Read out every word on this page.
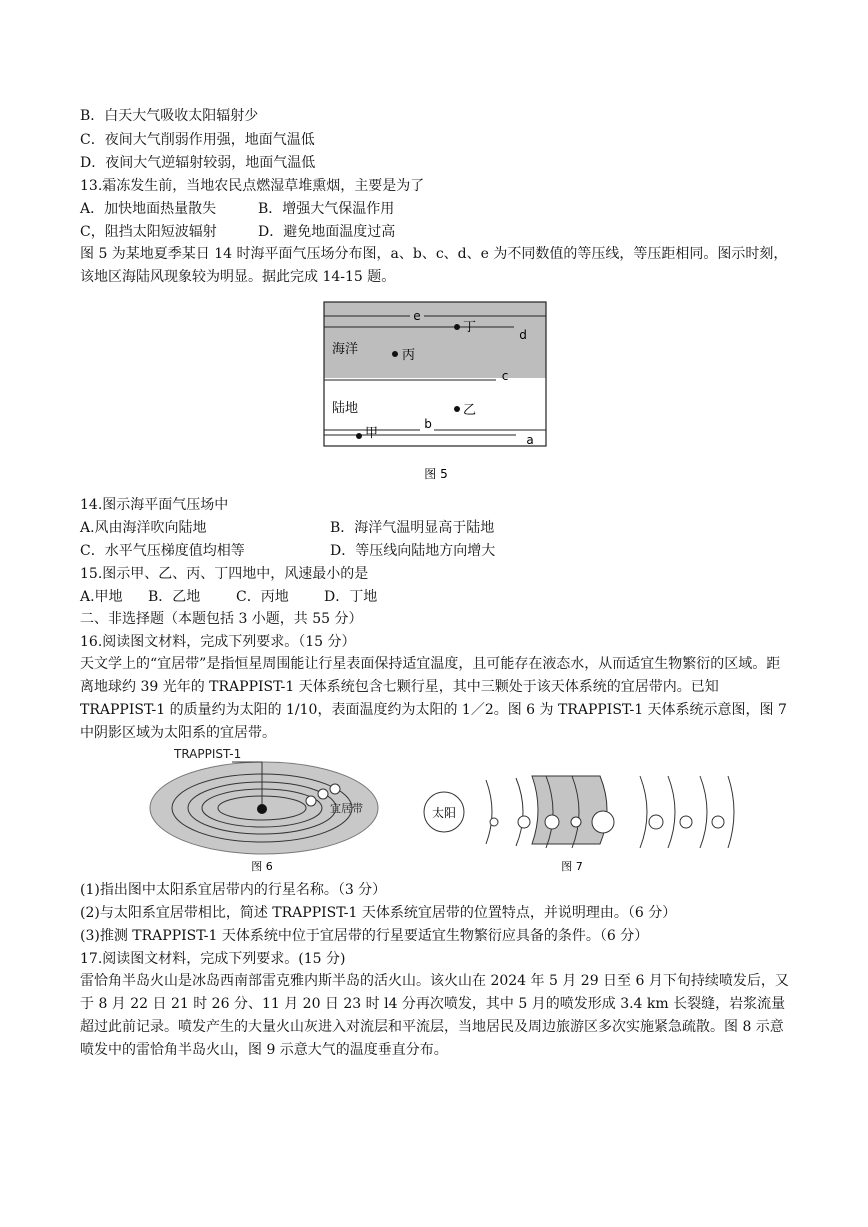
B．白天大气吸收太阳辐射少
C．夜间大气削弱作用强，地面气温低
D．夜间大气逆辐射较弱，地面气温低
13.霜冻发生前，当地农民点燃湿草堆熏烟，主要是为了
A．加快地面热量散失	B．增强大气保温作用
C，阻挡太阳短波辐射	D．避免地面温度过高
图 5 为某地夏季某日 14 时海平面气压场分布图，a、b、c、d、e 为不同数值的等压线，等压距相同。图示时刻，该地区海陆风现象较为明显。据此完成 14-15 题。
e
d
c
b
a
海洋
陆地
丁
丙
乙
甲
图 5
14.图示海平面气压场中
A.风由海洋吹向陆地	B．海洋气温明显高于陆地
C．水平气压梯度值均相等	D．等压线向陆地方向增大
15.图示甲、乙、丙、丁四地中，风速最小的是
A.甲地 B．乙地	C．丙地	D．丁地
二、非选择题（本题包括 3 小题，共 55 分）
16.阅读图文材料，完成下列要求。（15 分）
天文学上的“宜居带”是指恒星周围能让行星表面保持适宜温度，且可能存在液态水，从而适宜生物繁衍的区域。距离地球约 39 光年的 TRAPPIST-1 天体系统包含七颗行星，其中三颗处于该天体系统的宜居带内。已知 TRAPPIST-1 的质量约为太阳的 1/10，表面温度约为太阳的 1／2。图 6 为 TRAPPIST-1 天体系统示意图，图 7 中阴影区域为太阳系的宜居带。
TRAPPIST-1
宜居带
图 6
太阳
图 7
(1)指出图中太阳系宜居带内的行星名称。（3 分）
(2)与太阳系宜居带相比，简述 TRAPPIST-1 天体系统宜居带的位置特点，并说明理由。（6 分）
(3)推测 TRAPPIST-1 天体系统中位于宜居带的行星要适宜生物繁衍应具备的条件。（6 分）
17.阅读图文材料，完成下列要求。(15 分)
雷恰角半岛火山是冰岛西南部雷克雅内斯半岛的活火山。该火山在 2024 年 5 月 29 日至 6 月下旬持续喷发后，又于 8 月 22 日 21 时 26 分、11 月 20 日 23 时 l4 分再次喷发，其中 5 月的喷发形成 3.4 km 长裂缝，岩浆流量超过此前记录。喷发产生的大量火山灰进入对流层和平流层，当地居民及周边旅游区多次实施紧急疏散。图 8 示意喷发中的雷恰角半岛火山，图 9 示意大气的温度垂直分布。
